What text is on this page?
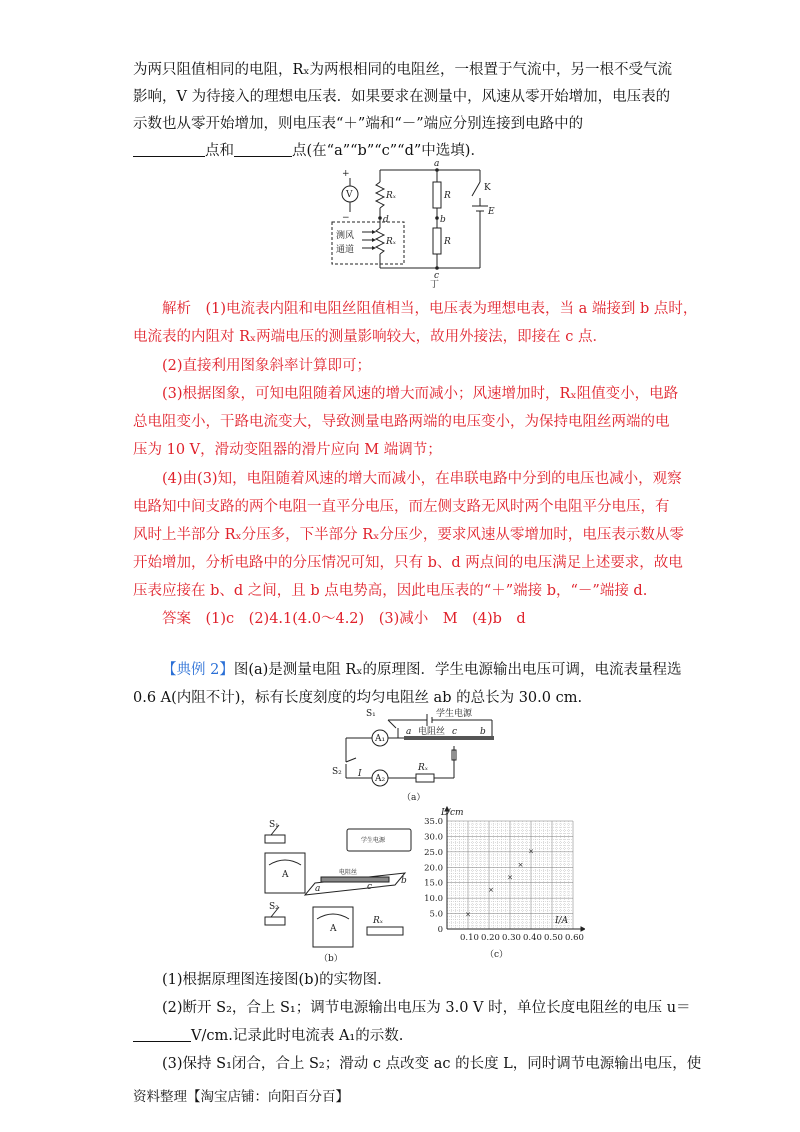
为两只阻值相同的电阻，Rₓ为两根相同的电阻丝，一根置于气流中，另一根不受气流
影响，V 为待接入的理想电压表．如果要求在测量中，风速从零开始增加，电压表的
示数也从零开始增加，则电压表“＋”端和“－”端应分别连接到电路中的
点和	点(在“a”“b”“c”“d”中选填)．
V
+
−
Rₓ
Rₓ
R
R
K
E
a
b
c
d
测风
通道
丁
解析　(1)电流表内阻和电阻丝阻值相当，电压表为理想电表，当 a 端接到 b 点时，
电流表的内阻对 Rₓ两端电压的测量影响较大，故用外接法，即接在 c 点．
(2)直接利用图象斜率计算即可；
(3)根据图象，可知电阻随着风速的增大而减小；风速增加时，Rₓ阻值变小，电路
总电阻变小，干路电流变大，导致测量电路两端的电压变小，为保持电阻丝两端的电
压为 10 V，滑动变阻器的滑片应向 M 端调节；
(4)由(3)知，电阻随着风速的增大而减小，在串联电路中分到的电压也减小，观察
电路知中间支路的两个电阻一直平分电压，而左侧支路无风时两个电阻平分电压，有
风时上半部分 Rₓ分压多，下半部分 Rₓ分压少，要求风速从零增加时，电压表示数从零
开始增加，分析电路中的分压情况可知，只有 b、d 两点间的电压满足上述要求，故电
压表应接在 b、d 之间，且 b 点电势高，因此电压表的“＋”端接 b，“－”端接 d.
答案　(1)c　(2)4.1(4.0～4.2)　(3)减小　M　(4)b　d
【典例 2】图(a)是测量电阻 Rₓ的原理图．学生电源输出电压可调，电流表量程选
0.6 A(内阻不计)，标有长度刻度的均匀电阻丝 ab 的总长为 30.0 cm.
S₁
S₂
A₁
A₂
学生电源
电阻丝
a	b
c
I
Rₓ
（a）
S₁
S₂
A
A
Rₓ
学生电源
电阻丝
a
b
c
（b）
0.10 0.20 0.30 0.40 0.50 0.60
0
5.0
10.0
15.0
20.0
25.0
30.0
35.0
×
×
×
×
×
L/cm
I/A
（c）
(1)根据原理图连接图(b)的实物图.
(2)断开 S₂，合上 S₁；调节电源输出电压为 3.0 V 时，单位长度电阻丝的电压 u＝
V/cm.记录此时电流表 A₁的示数.
(3)保持 S₁闭合，合上 S₂；滑动 c 点改变 ac 的长度 L，同时调节电源输出电压，使
资料整理【淘宝店铺：向阳百分百】
